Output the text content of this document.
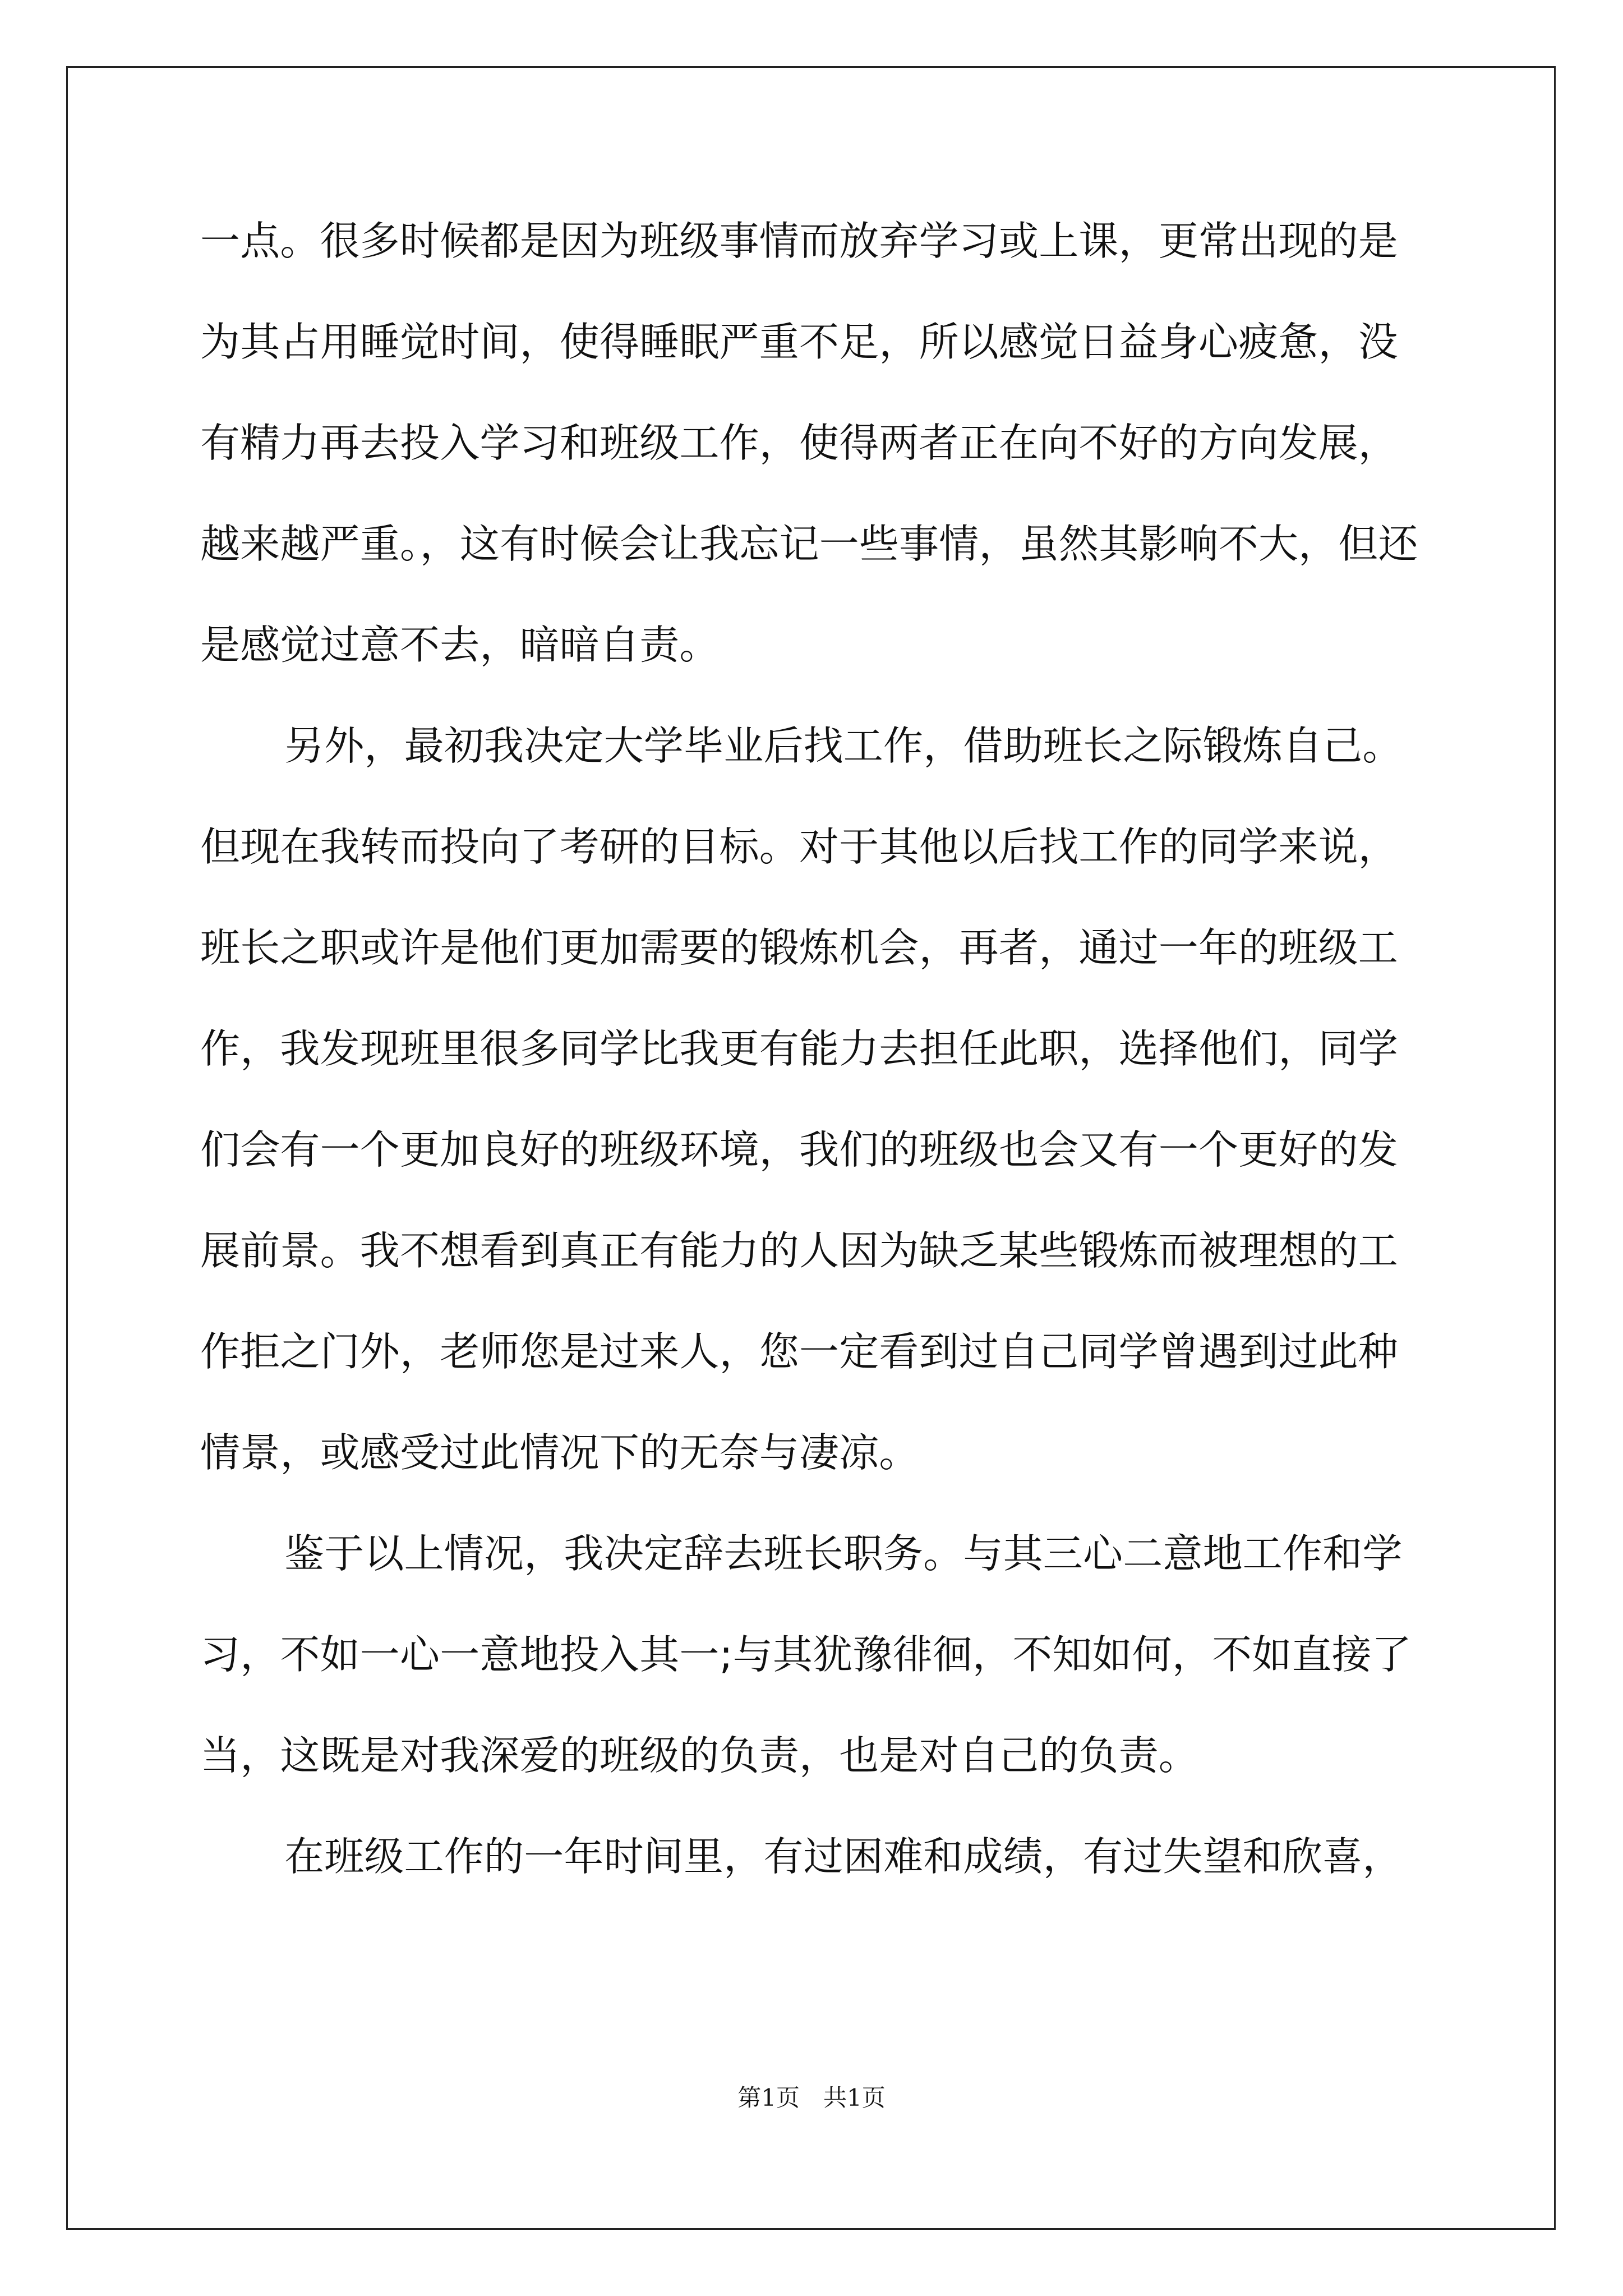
一点。很多时候都是因为班级事情而放弃学习或上课，更常出现的是
为其占用睡觉时间，使得睡眠严重不足，所以感觉日益身心疲惫，没
有精力再去投入学习和班级工作，使得两者正在向不好的方向发展，
越来越严重。，这有时候会让我忘记一些事情，虽然其影响不大，但还
是感觉过意不去，暗暗自责。
另外，最初我决定大学毕业后找工作，借助班长之际锻炼自己。
但现在我转而投向了考研的目标。对于其他以后找工作的同学来说，
班长之职或许是他们更加需要的锻炼机会，再者，通过一年的班级工
作，我发现班里很多同学比我更有能力去担任此职，选择他们，同学
们会有一个更加良好的班级环境，我们的班级也会又有一个更好的发
展前景。我不想看到真正有能力的人因为缺乏某些锻炼而被理想的工
作拒之门外，老师您是过来人，您一定看到过自己同学曾遇到过此种
情景，或感受过此情况下的无奈与凄凉。
鉴于以上情况，我决定辞去班长职务。与其三心二意地工作和学
习，不如一心一意地投入其一;与其犹豫徘徊，不知如何，不如直接了
当，这既是对我深爱的班级的负责，也是对自己的负责。
在班级工作的一年时间里，有过困难和成绩，有过失望和欣喜，
第1页　共1页
